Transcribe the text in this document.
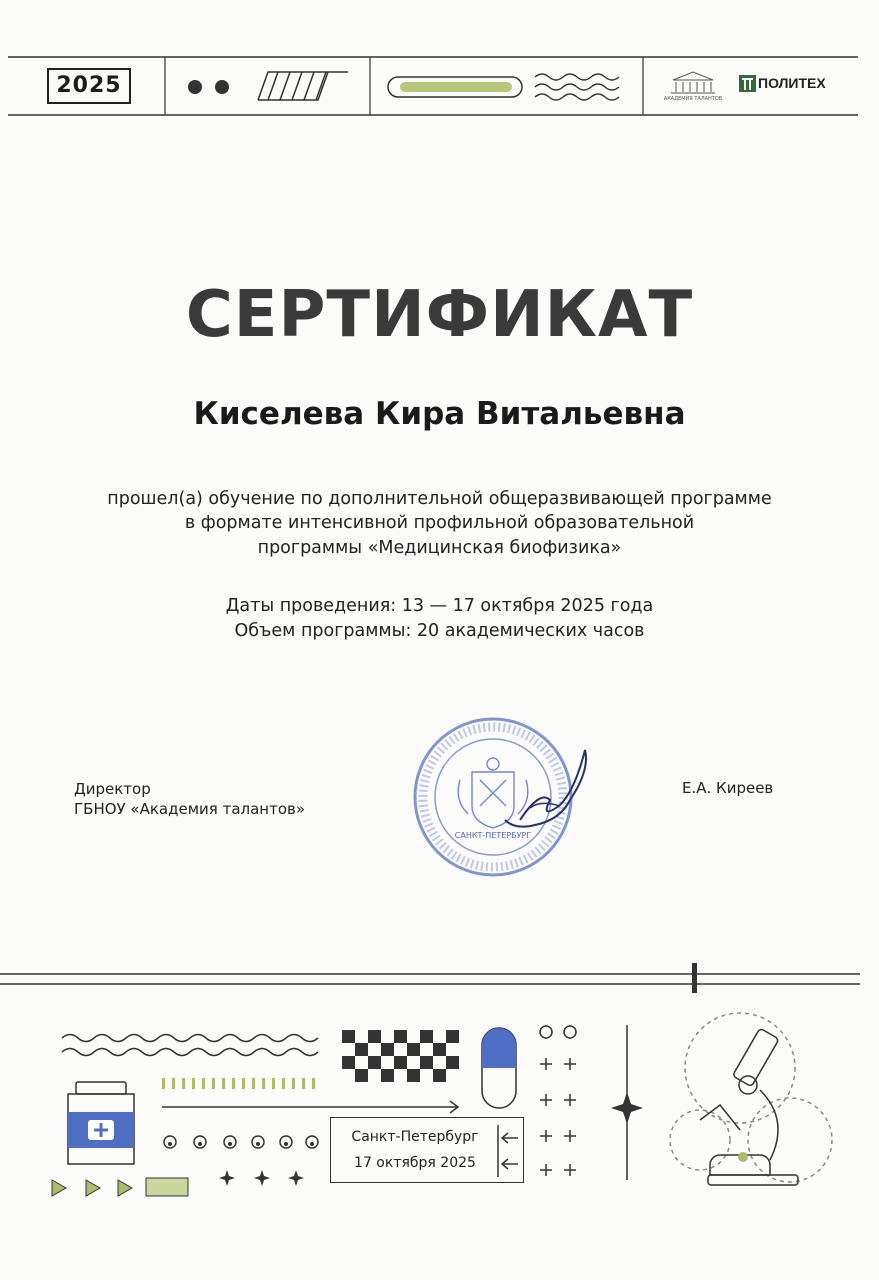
2025
АКАДЕМИЯ ТАЛАНТОВ
ПОЛИТЕХ
СЕРТИФИКАТ
Киселева Кира Витальевна
прошел(а) обучение по дополнительной общеразвивающей программе
в формате интенсивной профильной образовательной
программы «Медицинская биофизика»
Даты проведения: 13 — 17 октября 2025 года
Объем программы: 20 академических часов
Директор
ГБНОУ «Академия талантов»
Е.А. Киреев
САНКТ-ПЕТЕРБУРГ
Санкт-Петербург
17 октября 2025
